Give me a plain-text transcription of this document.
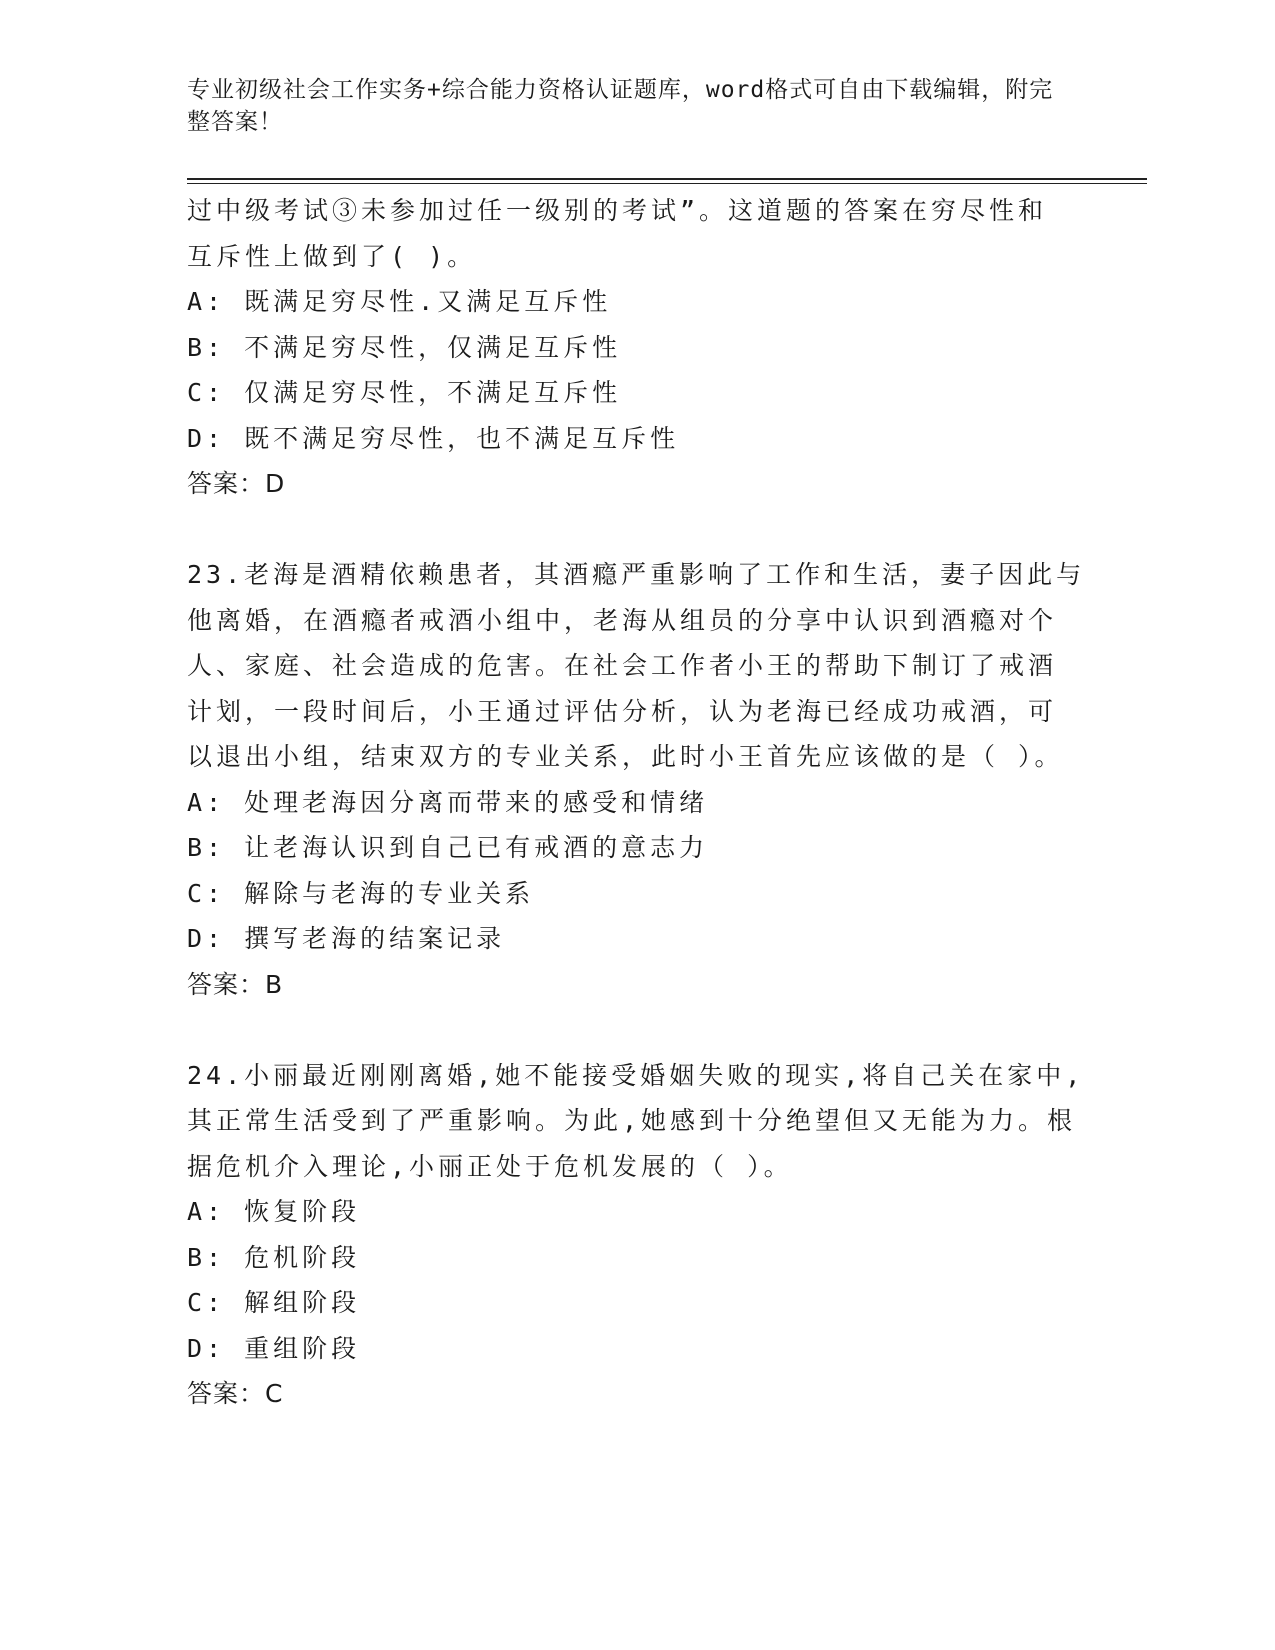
专业初级社会工作实务+综合能力资格认证题库，word格式可自由下载编辑，附完
整答案！
过中级考试③未参加过任一级别的考试”。这道题的答案在穷尽性和
互斥性上做到了( )。
A: 既满足穷尽性.又满足互斥性
B: 不满足穷尽性，仅满足互斥性
C: 仅满足穷尽性，不满足互斥性
D: 既不满足穷尽性，也不满足互斥性
答案：D
23.老海是酒精依赖患者，其酒瘾严重影响了工作和生活，妻子因此与
他离婚，在酒瘾者戒酒小组中，老海从组员的分享中认识到酒瘾对个
人、家庭、社会造成的危害。在社会工作者小王的帮助下制订了戒酒
计划，一段时间后，小王通过评估分析，认为老海已经成功戒酒，可
以退出小组，结束双方的专业关系，此时小王首先应该做的是（ ）。
A: 处理老海因分离而带来的感受和情绪
B: 让老海认识到自己已有戒酒的意志力
C: 解除与老海的专业关系
D: 撰写老海的结案记录
答案：B
24.小丽最近刚刚离婚,她不能接受婚姻失败的现实,将自己关在家中,
其正常生活受到了严重影响。为此,她感到十分绝望但又无能为力。根
据危机介入理论,小丽正处于危机发展的（ ）。
A: 恢复阶段
B: 危机阶段
C: 解组阶段
D: 重组阶段
答案：C
